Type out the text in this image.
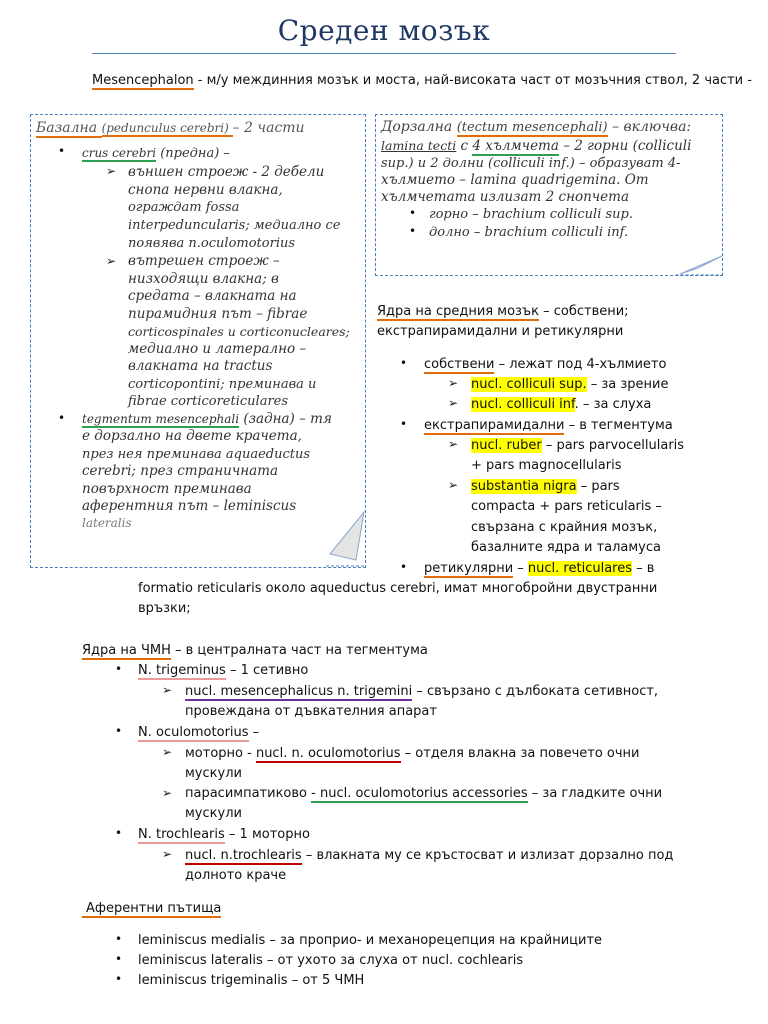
Среден мозък
Mesencephalon - м/у междинния мозък и моста, най-високата част от мозъчния ствол, 2 части -
Базална (pedunculus cerebri) – 2 части
• crus cerebri (предна) –
➢ външен строеж - 2 дебели
снопа нервни влакна,
ограждат fossa
interpeduncularis; медиално се
появява n.oculomotorius
➢ вътрешен строеж –
низходящи влакна; в
средата – влакната на
пирамидния път – fibrae
corticospinales и corticonucleares;
медиално и латерално –
влакната на tractus
corticopontini; преминава и
fibrae corticoreticulares
• tegmentum mesencephali (задна) – тя
е дорзално на двете крачета,
през нея преминава aquaeductus
cerebri; през страничната
повърхност преминава
аферентния път – leminiscus
lateralis
Дорзална (tectum mesencephali) – включва:
lamina tecti с 4 хълмчета – 2 горни (colliculi
sup.) и 2 долни (colliculi inf.) – образуват 4-
хълмието – lamina quadrigemina. От
хълмчетата излизат 2 снопчета
• горно – brachium colliculi sup.
• долно – brachium colliculi inf.
Ядра на средния мозък – собствени;
екстрапирамидални и ретикулярни
• собствени – лежат под 4-хълмието
➢ nucl. colliculi sup. – за зрение
➢ nucl. colliculi inf. – за слуха
• екстрапирамидални – в тегментума
➢ nucl. ruber – pars parvocellularis
+ pars magnocellularis
➢ substantia nigra – pars
compacta + pars reticularis –
свързана с крайния мозък,
базалните ядра и таламуса
• ретикулярни – nucl. reticulares – в
formatio reticularis около aqueductus cerebri, имат многобройни двустранни
връзки;
Ядра на ЧМН – в централната част на тегментума
• N. trigeminus – 1 сетивно
➢ nucl. mesencephalicus n. trigemini – свързано с дълбоката сетивност,
провеждана от дъвкателния апарат
• N. oculomotorius –
➢ моторно - nucl. n. oculomotorius – отделя влакна за повечето очни
мускули
➢ парасимпатиково - nucl. oculomotorius accessories – за гладките очни
мускули
• N. trochlearis – 1 моторно
➢ nucl. n.trochlearis – влакната му се кръстосват и излизат дорзално под
долното краче
Аферентни пътища
• leminiscus medialis – за проприо- и механорецепция на крайниците
• leminiscus lateralis – от ухото за слуха от nucl. cochlearis
• leminiscus trigeminalis – от 5 ЧМН
